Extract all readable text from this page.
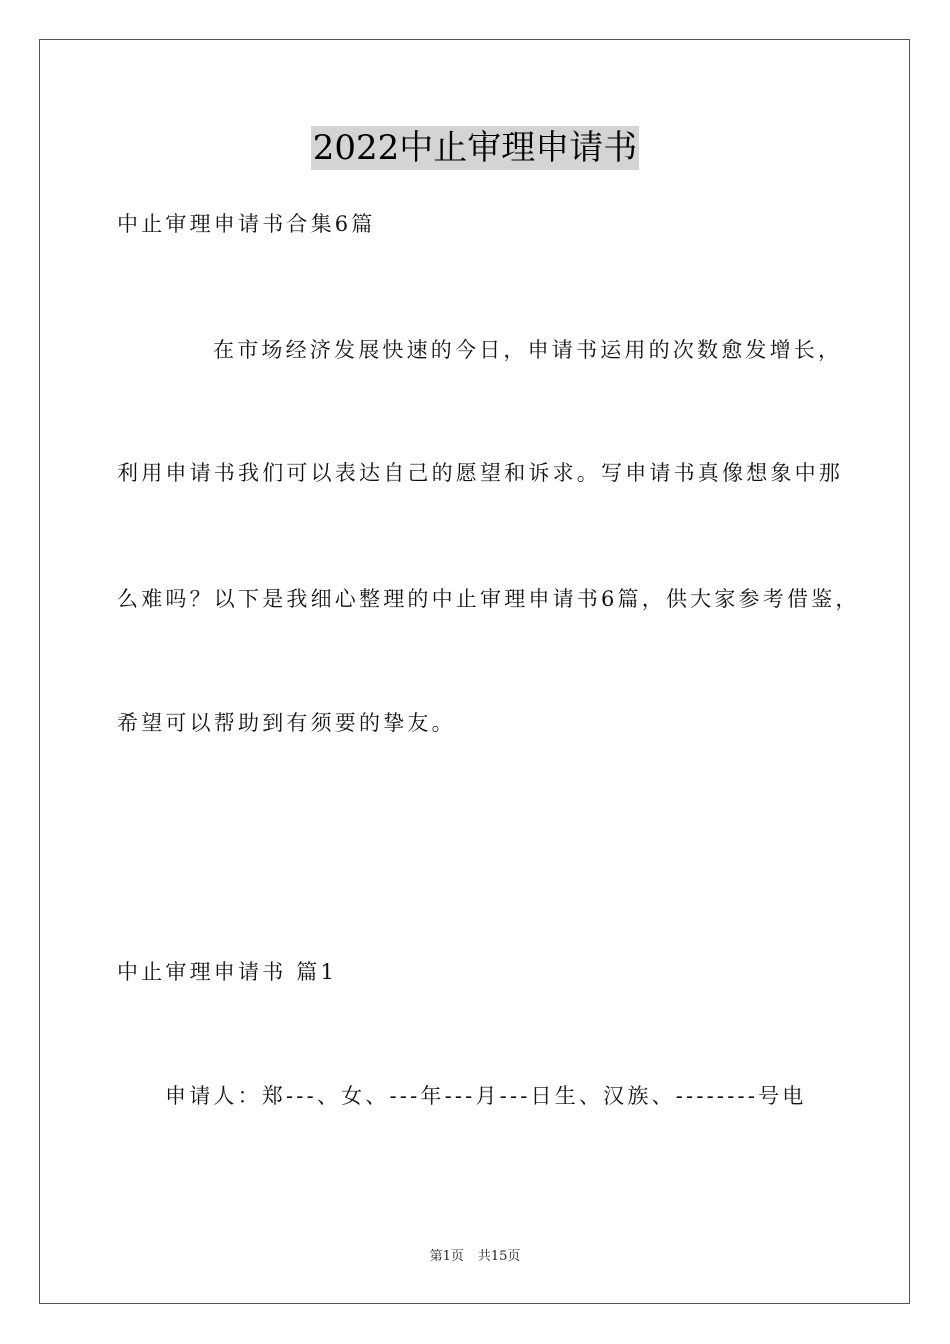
2022中止审理申请书
中止审理申请书合集6篇
在市场经济发展快速的今日，申请书运用的次数愈发增长，
利用申请书我们可以表达自己的愿望和诉求。写申请书真像想象中那
么难吗？以下是我细心整理的中止审理申请书6篇，供大家参考借鉴，
希望可以帮助到有须要的挚友。
中止审理申请书 篇1
申请人：郑---、女、---年---月---日生、汉族、--------号电
第1页 共15页
